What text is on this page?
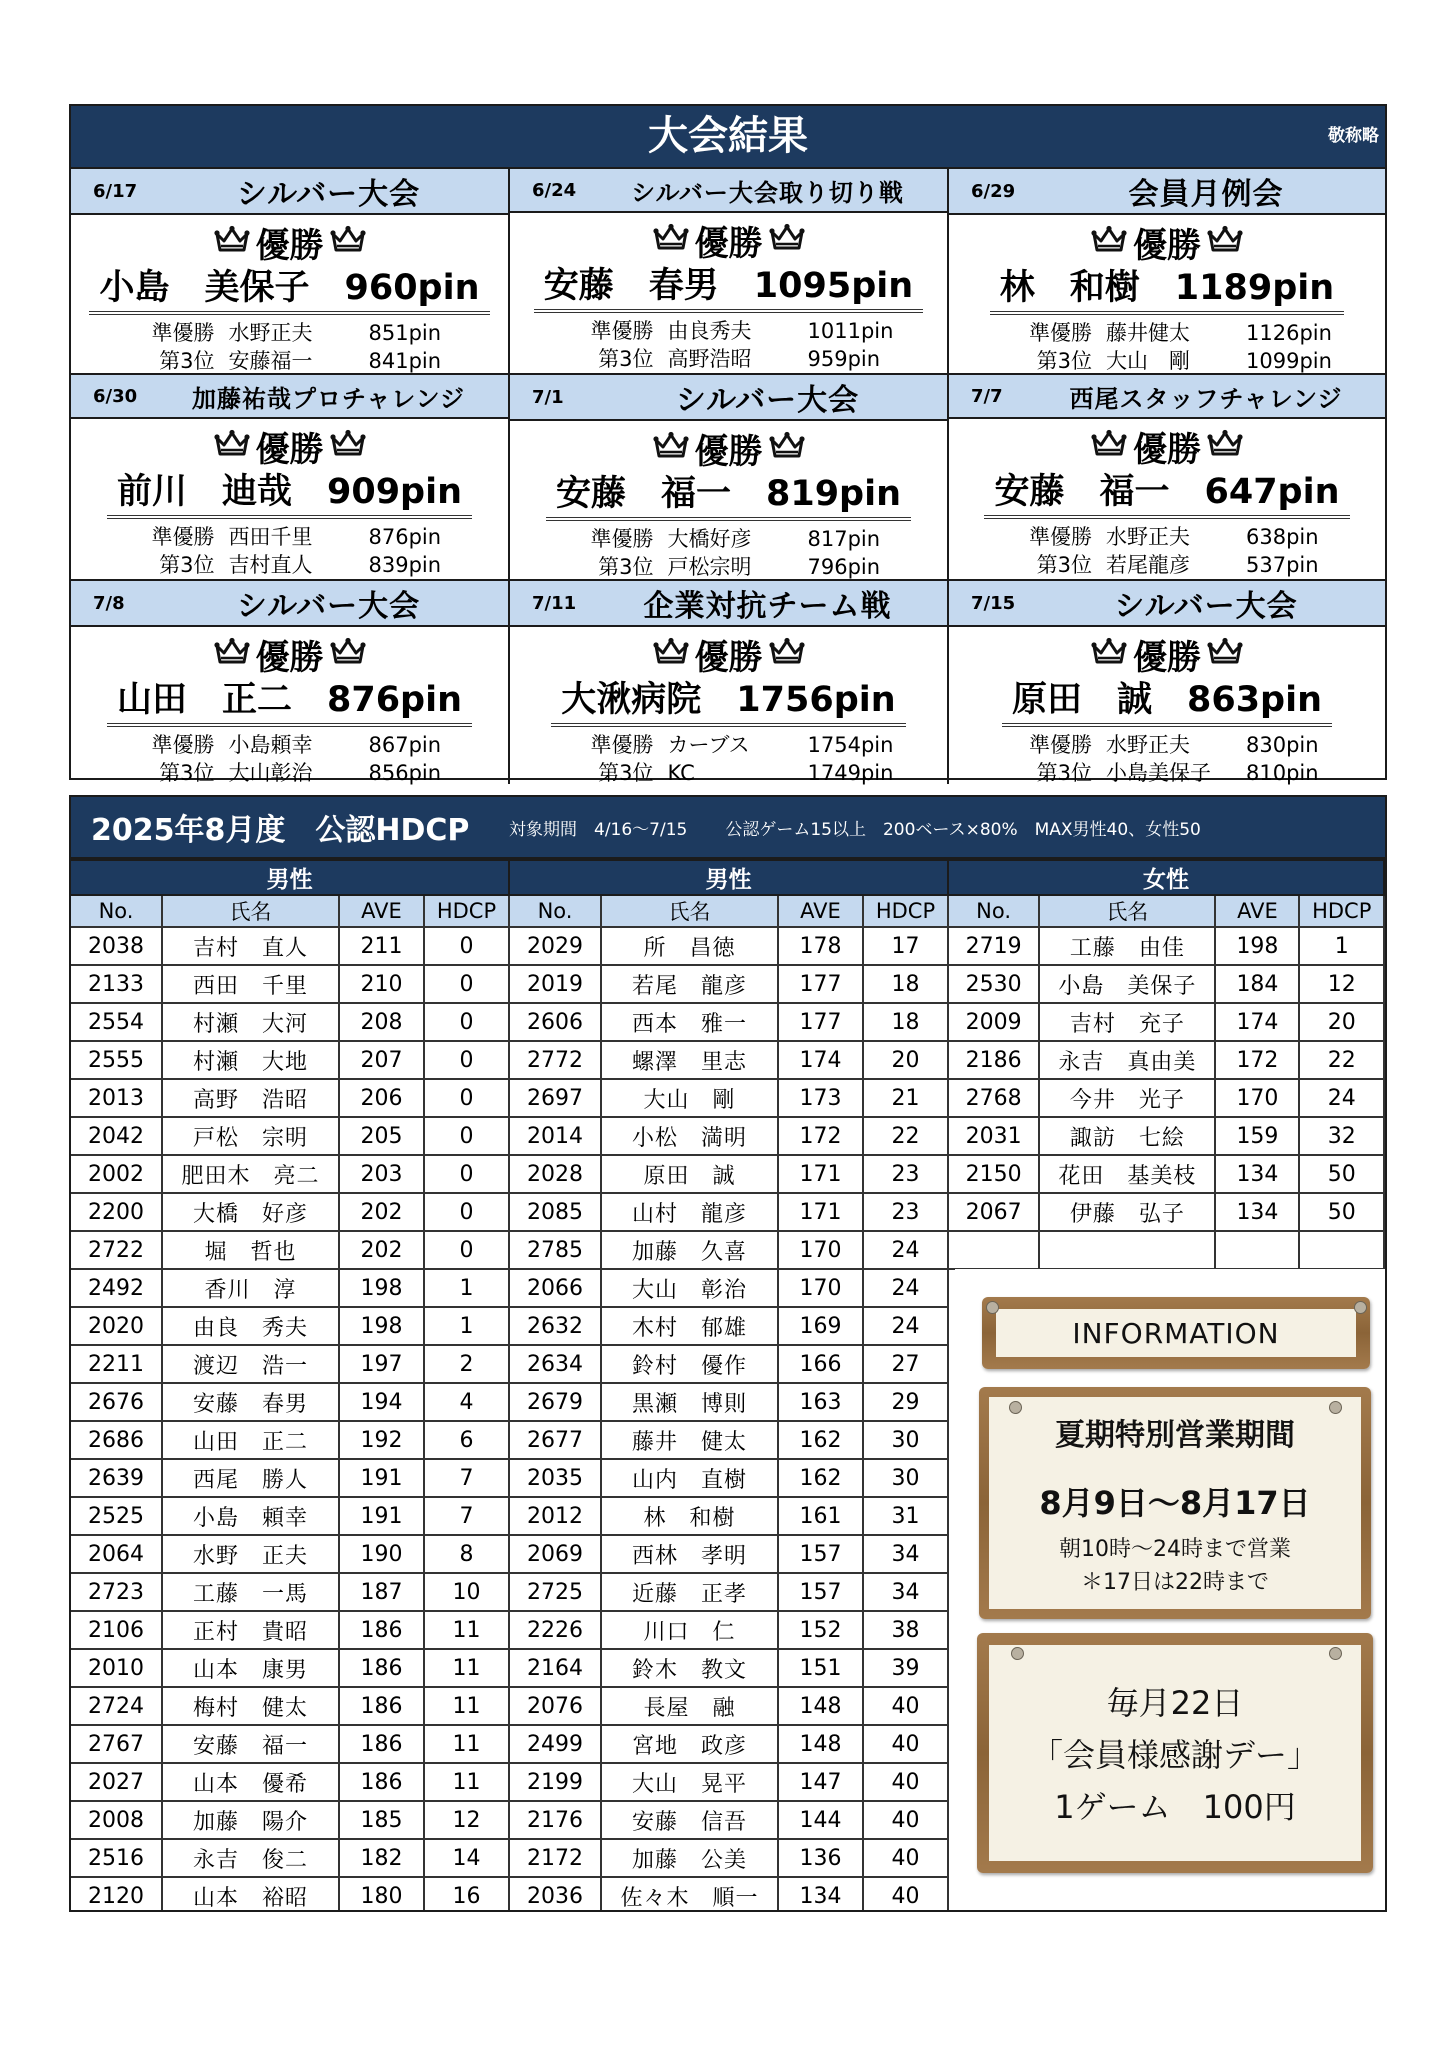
大会結果	敬称略
6/17	シルバー大会
優勝
小島　美保子　960pin
準優勝 水野正夫	851pin
第3位 安藤福一	841pin
6/24	シルバー大会取り切り戦
優勝
安藤　春男　1095pin
準優勝 由良秀夫	1011pin
第3位 高野浩昭	959pin
6/29	会員月例会
優勝
林　和樹　1189pin
準優勝 藤井健太	1126pin
第3位 大山　剛	1099pin
6/30	加藤祐哉プロチャレンジ
優勝
前川　迪哉　909pin
準優勝 西田千里	876pin
第3位 吉村直人	839pin
7/1	シルバー大会
優勝
安藤　福一　819pin
準優勝 大橋好彦	817pin
第3位 戸松宗明	796pin
7/7	西尾スタッフチャレンジ
優勝
安藤　福一　647pin
準優勝 水野正夫	638pin
第3位 若尾龍彦	537pin
7/8	シルバー大会
優勝
山田　正二　876pin
準優勝 小島頼幸	867pin
第3位 大山彰治	856pin
7/11	企業対抗チーム戦
優勝
大湫病院　1756pin
準優勝 カーブス	1754pin
第3位 KC	1749pin
7/15	シルバー大会
優勝
原田　誠　863pin
準優勝 水野正夫	830pin
第3位 小島美保子	810pin
2025年8月度　公認HDCP	対象期間　4/16～7/15 公認ゲーム15以上　200ベース×80%　MAX男性40、女性50
男性			
No.	氏名	AVE	HDCP
2038	吉村　直人	211	0
2133	西田　千里	210	0
2554	村瀬　大河	208	0
2555	村瀬　大地	207	0
2013	高野　浩昭	206	0
2042	戸松　宗明	205	0
2002	肥田木　亮二	203	0
2200	大橋　好彦	202	0
2722	堀　哲也	202	0
2492	香川　淳	198	1
2020	由良　秀夫	198	1
2211	渡辺　浩一	197	2
2676	安藤　春男	194	4
2686	山田　正二	192	6
2639	西尾　勝人	191	7
2525	小島　頼幸	191	7
2064	水野　正夫	190	8
2723	工藤　一馬	187	10
2106	正村　貴昭	186	11
2010	山本　康男	186	11
2724	梅村　健太	186	11
2767	安藤　福一	186	11
2027	山本　優希	186	11
2008	加藤　陽介	185	12
2516	永吉　俊二	182	14
2120	山本　裕昭	180	16
男性			
No.	氏名	AVE	HDCP
2029	所　昌徳	178	17
2019	若尾　龍彦	177	18
2606	西本　雅一	177	18
2772	螺澤　里志	174	20
2697	大山　剛	173	21
2014	小松　満明	172	22
2028	原田　誠	171	23
2085	山村　龍彦	171	23
2785	加藤　久喜	170	24
2066	大山　彰治	170	24
2632	木村　郁雄	169	24
2634	鈴村　優作	166	27
2679	黒瀬　博則	163	29
2677	藤井　健太	162	30
2035	山内　直樹	162	30
2012	林　和樹	161	31
2069	西林　孝明	157	34
2725	近藤　正孝	157	34
2226	川口　仁	152	38
2164	鈴木　教文	151	39
2076	長屋　融	148	40
2499	宮地　政彦	148	40
2199	大山　晃平	147	40
2176	安藤　信吾	144	40
2172	加藤　公美	136	40
2036	佐々木　順一	134	40
女性			
No.	氏名	AVE	HDCP
2719	工藤　由佳	198	1
2530	小島　美保子	184	12
2009	吉村　充子	174	20
2186	永吉　真由美	172	22
2768	今井　光子	170	24
2031	諏訪　七絵	159	32
2150	花田　基美枝	134	50
2067	伊藤　弘子	134	50

INFORMATION
夏期特別営業期間
8月9日～8月17日
朝10時～24時まで営業
＊17日は22時まで
毎月22日
「会員様感謝デー」
1ゲーム　100円
